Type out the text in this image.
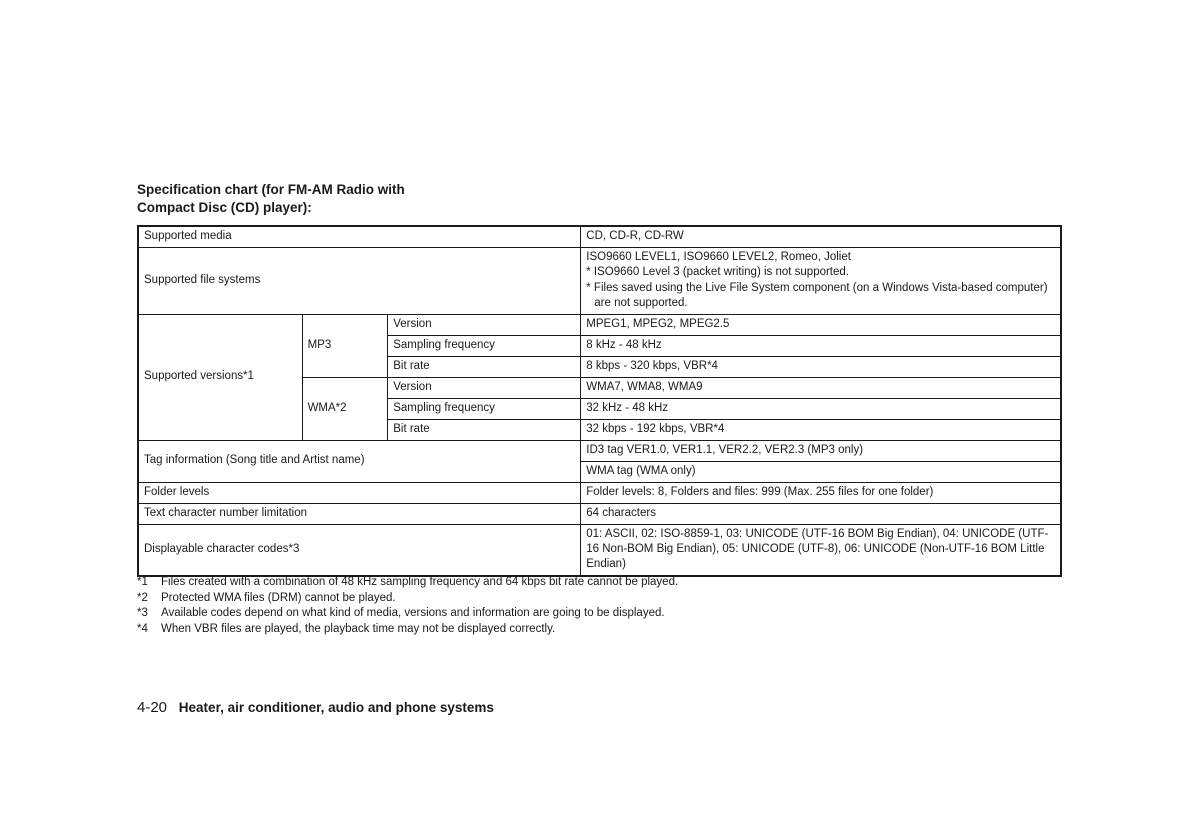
Specification chart (for FM-AM Radio with
Compact Disc (CD) player):
Supported media			CD, CD-R, CD-RW
Supported file systems			ISO9660 LEVEL1, ISO9660 LEVEL2, Romeo, Joliet
* ISO9660 Level 3 (packet writing) is not supported.
* Files saved using the Live File System component (on a Windows Vista-based computer) are not supported.

Supported versions*1	MP3	Version	MPEG1, MPEG2, MPEG2.5
		Sampling frequency	8 kHz - 48 kHz
		Bit rate	8 kbps - 320 kbps, VBR*4
	WMA*2	Version	WMA7, WMA8, WMA9
		Sampling frequency	32 kHz - 48 kHz
		Bit rate	32 kbps - 192 kbps, VBR*4
Tag information (Song title and Artist name)			ID3 tag VER1.0, VER1.1, VER2.2, VER2.3 (MP3 only)
			WMA tag (WMA only)
Folder levels			Folder levels: 8, Folders and files: 999 (Max. 255 files for one folder)
Text character number limitation			64 characters
Displayable character codes*3			01: ASCII, 02: ISO-8859-1, 03: UNICODE (UTF-16 BOM Big Endian), 04: UNICODE (UTF-16 Non-BOM Big Endian), 05: UNICODE (UTF-8), 06: UNICODE (Non-UTF-16 BOM Little Endian)
*1	Files created with a combination of 48 kHz sampling frequency and 64 kbps bit rate cannot be played.
*2	Protected WMA files (DRM) cannot be played.
*3	Available codes depend on what kind of media, versions and information are going to be displayed.
*4	When VBR files are played, the playback time may not be displayed correctly.
4-20 Heater, air conditioner, audio and phone systems
